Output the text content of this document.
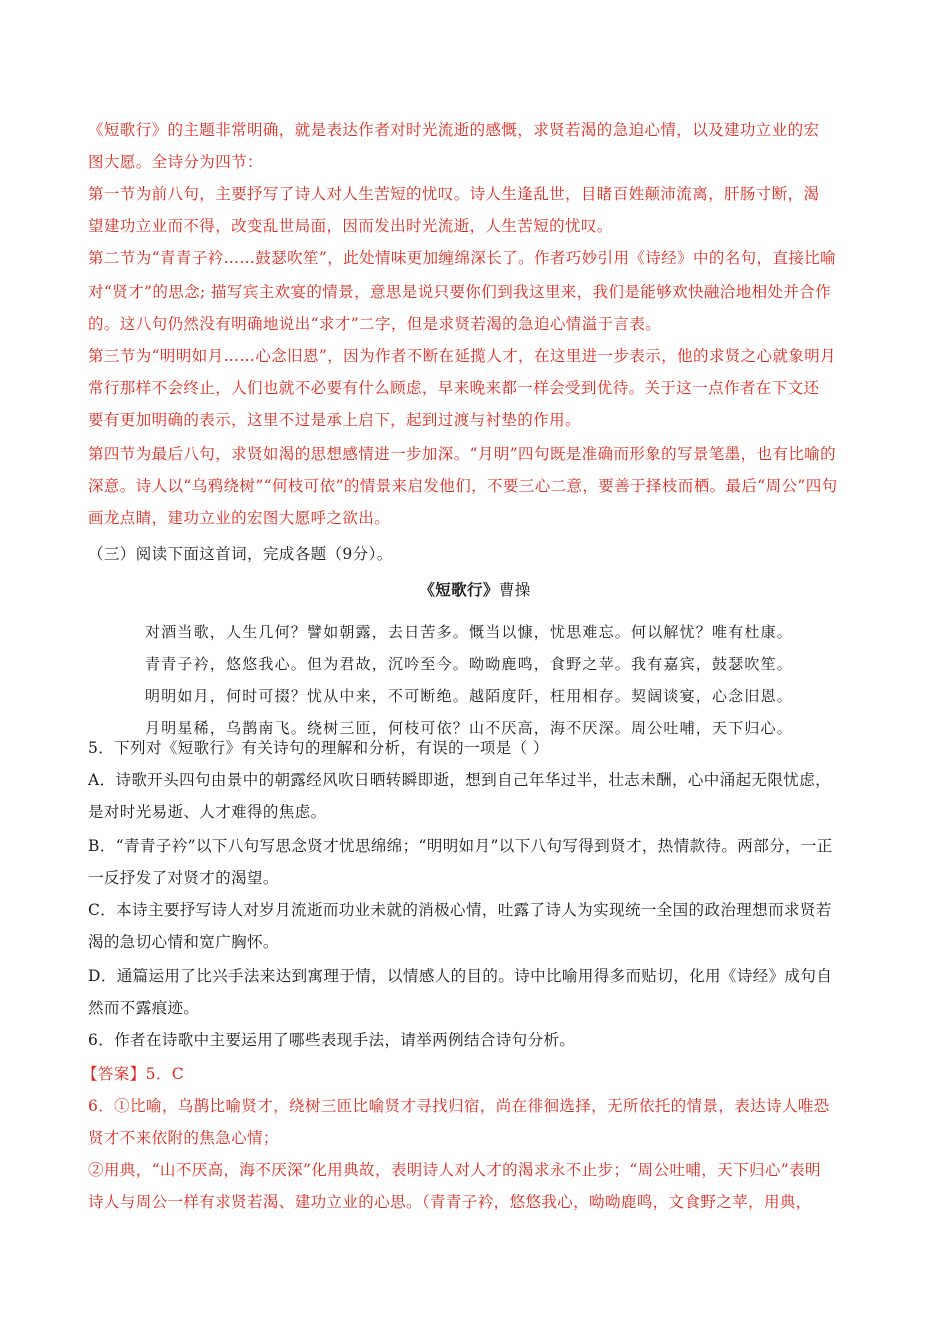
《短歌行》的主题非常明确，就是表达作者对时光流逝的感慨，求贤若渴的急迫心情，以及建功立业的宏

图大愿。全诗分为四节：

第一节为前八句，主要抒写了诗人对人生苦短的忧叹。诗人生逢乱世，目睹百姓颠沛流离，肝肠寸断，渴

望建功立业而不得，改变乱世局面，因而发出时光流逝，人生苦短的忧叹。

第二节为“青青子衿……鼓瑟吹笙”，此处情味更加缠绵深长了。作者巧妙引用《诗经》中的名句，直接比喻

对“贤才”的思念; 描写宾主欢宴的情景，意思是说只要你们到我这里来，我们是能够欢快融洽地相处并合作

的。这八句仍然没有明确地说出“求才”二字，但是求贤若渴的急迫心情溢于言表。

第三节为“明明如月……心念旧恩”，因为作者不断在延揽人才，在这里进一步表示，他的求贤之心就象明月

常行那样不会终止，人们也就不必要有什么顾虑，早来晚来都一样会受到优待。关于这一点作者在下文还

要有更加明确的表示，这里不过是承上启下，起到过渡与衬垫的作用。

第四节为最后八句，求贤如渴的思想感情进一步加深。“月明”四句既是准确而形象的写景笔墨，也有比喻的

深意。诗人以“乌鸦绕树”“何枝可依”的情景来启发他们，不要三心二意，要善于择枝而栖。最后“周公”四句

画龙点睛，建功立业的宏图大愿呼之欲出。

（三）阅读下面这首词，完成各题（9分）。

《短歌行》曹操

对酒当歌，人生几何？譬如朝露，去日苦多。慨当以慷，忧思难忘。何以解忧？唯有杜康。

青青子衿，悠悠我心。但为君故，沉吟至今。呦呦鹿鸣，食野之苹。我有嘉宾，鼓瑟吹笙。

明明如月，何时可掇？忧从中来，不可断绝。越陌度阡，枉用相存。契阔谈宴，心念旧恩。

月明星稀，乌鹊南飞。绕树三匝，何枝可依？山不厌高，海不厌深。周公吐哺，天下归心。

5．下列对《短歌行》有关诗句的理解和分析，有误的一项是（ ）

A．诗歌开头四句由景中的朝露经风吹日晒转瞬即逝，想到自己年华过半，壮志未酬，心中涌起无限忧虑，

是对时光易逝、人才难得的焦虑。

B．“青青子衿”以下八句写思念贤才忧思绵绵；“明明如月”以下八句写得到贤才，热情款待。两部分，一正

一反抒发了对贤才的渴望。

C．本诗主要抒写诗人对岁月流逝而功业未就的消极心情，吐露了诗人为实现统一全国的政治理想而求贤若

渴的急切心情和宽广胸怀。

D．通篇运用了比兴手法来达到寓理于情，以情感人的目的。诗中比喻用得多而贴切，化用《诗经》成句自

然而不露痕迹。

6．作者在诗歌中主要运用了哪些表现手法，请举两例结合诗句分析。

【答案】5．C

6．①比喻，乌鹊比喻贤才，绕树三匝比喻贤才寻找归宿，尚在徘徊选择，无所依托的情景，表达诗人唯恐

贤才不来依附的焦急心情；

②用典，“山不厌高，海不厌深”化用典故，表明诗人对人才的渴求永不止步；“周公吐哺，天下归心”表明

诗人与周公一样有求贤若渴、建功立业的心思。（青青子衿，悠悠我心，呦呦鹿鸣，文食野之苹，用典，
